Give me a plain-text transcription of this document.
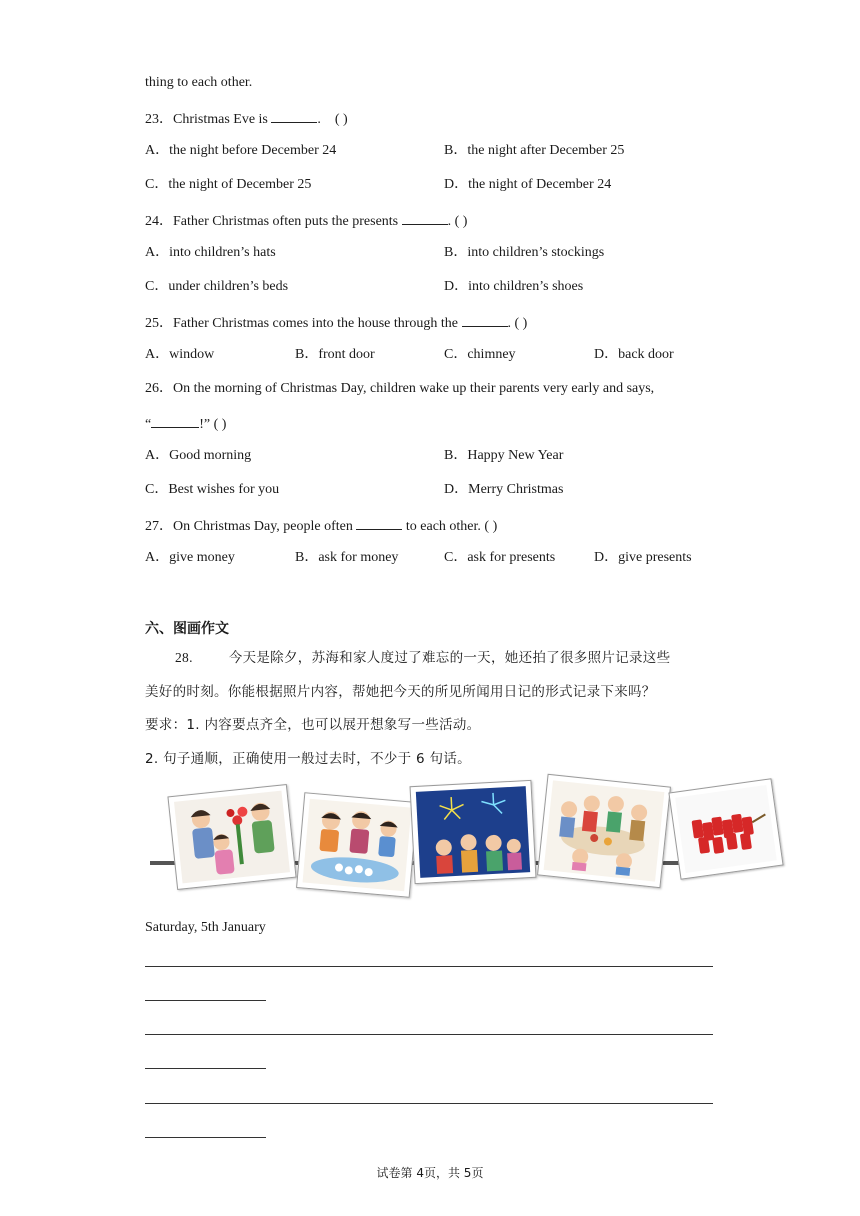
thing to each other.
23．Christmas Eve is	. ( )
A．the night before December 24	B．the night after December 25
C．the night of December 25	D．the night of December 24
24．Father Christmas often puts the presents	. ( )
A．into children’s hats	B．into children’s stockings
C．under children’s beds	D．into children’s shoes
25．Father Christmas comes into the house through the	. ( )
A．window	B．front door	C．chimney	D．back door
26．On the morning of Christmas Day, children wake up their parents very early and says,
“	!” ( )
A．Good morning	B．Happy New Year
C．Best wishes for you	D．Merry Christmas
27．On Christmas Day, people often	to each other. ( )
A．give money	B．ask for money	C．ask for presents	D．give presents
六、图画作文
28.	今天是除夕，苏海和家人度过了难忘的一天，她还拍了很多照片记录这些
美好的时刻。你能根据照片内容，帮她把今天的所见所闻用日记的形式记录下来吗？
要求：1. 内容要点齐全，也可以展开想象写一些活动。
2. 句子通顺，正确使用一般过去时，不少于 6 句话。
Saturday, 5th January
试卷第 4页，共 5页
